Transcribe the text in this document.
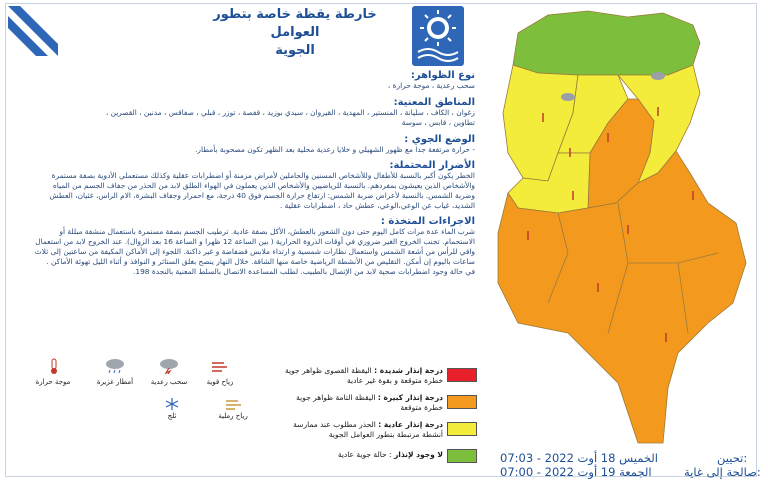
خارطة يقظة خاصة بتطور العوامل
الجوية
نوع الظواهر:
سحب رعدية ، موجة حرارة ،
المناطق المعنية:
زغوان ، الكاف ، سليانة ، المنستير ، المهدية ، القيروان ، سيدي بوزيد ، قفصة ، توزر ، قبلي ، صفاقس ، مدنين ، القصرين ،
تطاوين ، قابس ، سوسة
الوضع الجوي :
- حرارة مرتفعة جدا مع ظهور الشهيلي و خلايا رعدية محلية بعد الظهر تكون مصحوبة بأمطار.
الأضرار المحتملة:
الخطر يكون أكبر بالنسبة للأطفال وللأشخاص المسنين والحاملين لأمراض مزمنة أو اضطرابات عقلية وكذلك مستعملي الأدوية بصفة مستمرة
والأشخاص الذين يعيشون بمفردهم. بالنسبة للرياضيين والأشخاص الذين يعملون في الهواء الطلق لابد من الحذر من جفاف الجسم من المياه
وضربة الشمس. بالنسبة لأعراض ضربة الشمس: ارتفاع حرارة الجسم فوق 40 درجة، مع احمرار وجفاف البشرة، الام الراس، غثيان، العطش
الشديد، غياب عن الوعي،الوعي، عطش حاد ، اضطرابات عقلية .
الاجراءات المتخذة :
شرب الماء عدة مرات كامل اليوم حتى دون الشعور بالعطش، الأكل بصفة عادية. ترطيب الجسم بصفة مستمرة باستعمال منشفة مبللة أو
الاستحمام. تجنب الخروج الغير ضروري في أوقات الذروة الحرارية ( بين الساعة 12 ظهرا و الساعة 16 بعد الزوال). عند الخروج لابد من استعمال
واقي للرأس من أشعة الشمس واستعمال نظارات شمسية و ارتداء ملابس فضفاضة و غير داكنة. اللجوء إلى الأماكن المكيفة من ساعتين إلى ثلاث
ساعات باليوم إن أمكن. التقليص من الأنشطة الرياضية خاصة منها الشاقة. خلال النهار ينصح بغلق الستائر و النوافذ و أثناء الليل تهوئة الأماكن .
في حالة وجود اضطرابات صحية لابد من الإتصال بالطبيب. لطلب المساعدة الاتصال بالسلط المعنية بالنجدة 198.
رياح قوية
سحب رعدية
أمطار غزيرة
موجة حرارة
رياح رملية
ثلج
درجة إنذار شديدة : اليقظة القصوى ظواهر جوية
خطرة متوقعة و بقوة غير عادية
درجة إنذار كبيرة : اليقظة التامة ظواهر جوية
خطرة متوقعة
درجة إنذار عادية : الحذر مطلوب عند ممارسة
أنشطة مرتبطة بتطور العوامل الجوية
لا وجود لإنذار : حالة جوية عادية	الخميس 18 أوت 2022 - 07:03	تحيين:
الجمعة 19 أوت 2022 - 07:00	صالحة إلى غاية:
